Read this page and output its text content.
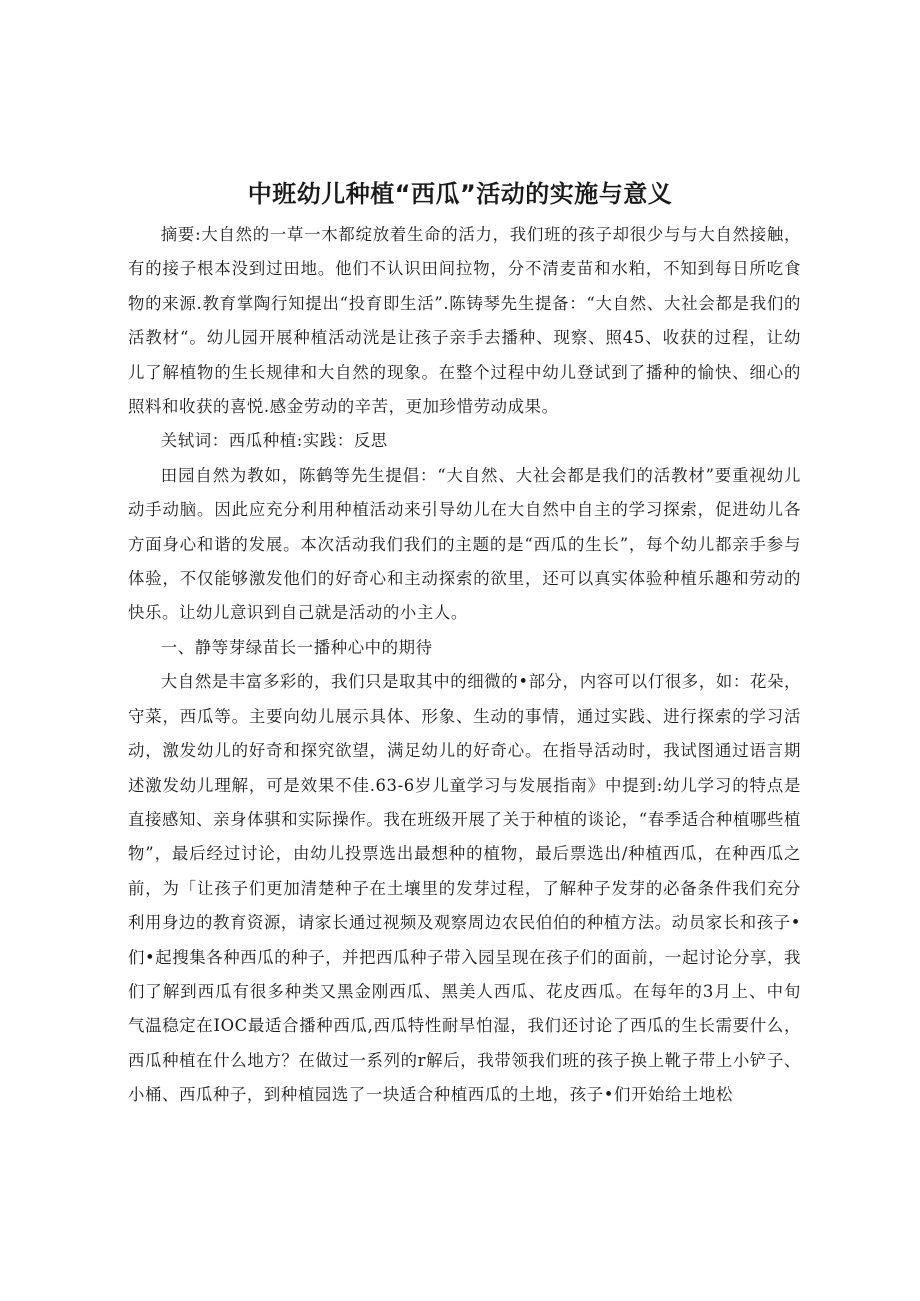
中班幼儿种植“西瓜”活动的实施与意义

摘要:大自然的一草一木都绽放着生命的活力，我们班的孩子却很少与与大自然接触，有的接子根本没到过田地。他们不认识田间拉物，分不清麦苗和水粕，不知到每日所吃食物的来源.教育掌陶行知提出“投育即生活”.陈铸琴先生提备：“大自然、大社会都是我们的活教材“。幼儿园开展种植活动洸是让孩子亲手去播种、现察、照45、收获的过程，让幼儿了解植物的生长规律和大自然的现象。在整个过程中幼儿登试到了播种的愉快、细心的照料和收获的喜悦.感金劳动的辛苦，更加珍惜劳动成果。

关轼词：西瓜种植:实践：反思

田园自然为教如，陈鹤等先生提倡：“大自然、大社会都是我们的活教材”要重视幼儿动手动脑。因此应充分利用种植活动来引导幼儿在大自然中自主的学习探索，促进幼儿各方面身心和谐的发展。本次活动我们我们的主题的是“西瓜的生长”，每个幼儿都亲手参与体验，不仅能够激发他们的好奇心和主动探索的欲里，还可以真实体验种植乐趣和劳动的快乐。让幼儿意识到自己就是活动的小主人。

一、静等芽绿苗长一播种心中的期待

大自然是丰富多彩的，我们只是取其中的细微的•部分，内容可以仃很多，如：花朵，守菜，西瓜等。主要向幼儿展示具体、形象、生动的事情，通过实践、进行探索的学习活动，激发幼儿的好奇和探究欲望，满足幼儿的好奇心。在指导活动时，我试图通过语言期述激发幼儿理解，可是效果不佳.63-6岁儿童学习与发展指南》中提到:幼儿学习的特点是直接感知、亲身体骐和实际操作。我在班级开展了关于种植的谈论，“春季适合种植哪些植物”，最后经过讨论，由幼儿投票选出最想种的植物，最后票选出/种植西瓜，在种西瓜之前，为「让孩子们更加清楚种子在土壤里的发芽过程，了解种子发芽的必备条件我们充分利用身边的教育资源，请家长通过视频及观察周边农民伯伯的种植方法。动员家长和孩子•们•起搜集各种西瓜的种子，并把西瓜种子带入园呈现在孩子们的面前，一起讨论分享，我们了解到西瓜有很多种类又黑金刚西瓜、黑美人西瓜、花皮西瓜。在每年的3月上、中旬气温稳定在IOC最适合播种西瓜,西瓜特性耐旱怕湿，我们还讨论了西瓜的生长需要什么，西瓜种植在什么地方？在做过一系列的r解后，我带领我们班的孩子换上靴子带上小铲子、小桶、西瓜种子，到种植园选了一块适合种植西瓜的土地，孩子•们开始给土地松
